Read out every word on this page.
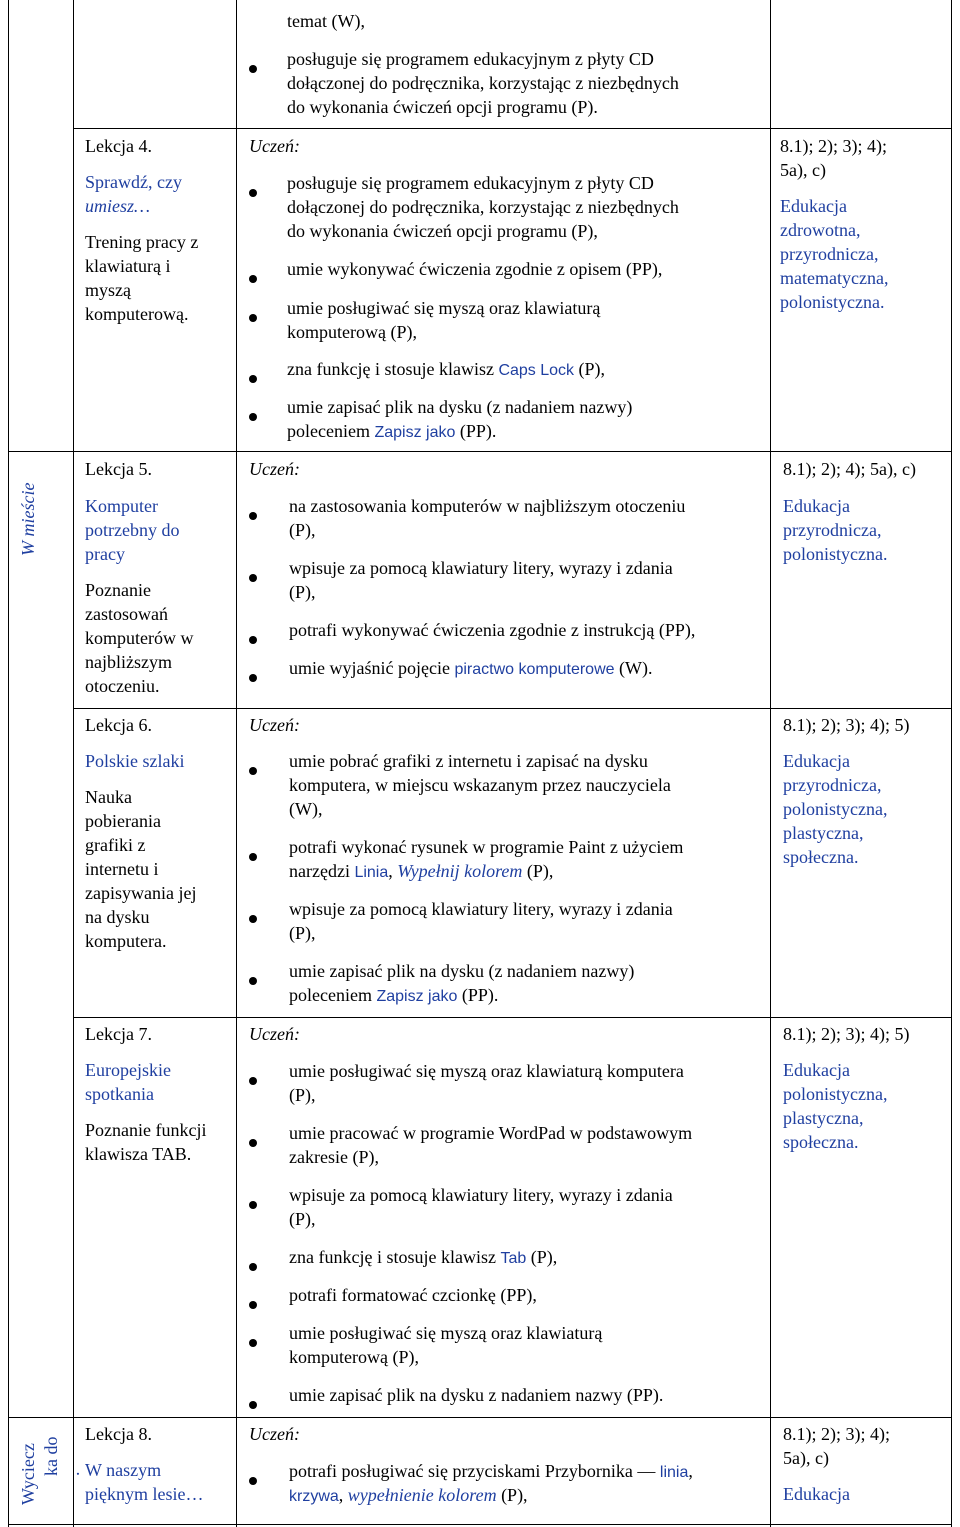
W mieście
Wyciecz ka do .
temat (W),
posługuje się programem edukacyjnym z płyty CD
dołączonej do podręcznika, korzystając z niezbędnych
do wykonania ćwiczeń opcji programu (P).
Lekcja 4.
Sprawdź, czy
umiesz…
Trening pracy z
klawiaturą i
myszą
komputerową.
Uczeń:
posługuje się programem edukacyjnym z płyty CD
dołączonej do podręcznika, korzystając z niezbędnych
do wykonania ćwiczeń opcji programu (P),
umie wykonywać ćwiczenia zgodnie z opisem (PP),
umie posługiwać się myszą oraz klawiaturą
komputerową (P),
zna funkcję i stosuje klawisz Caps Lock (P),
umie zapisać plik na dysku (z nadaniem nazwy)
poleceniem Zapisz jako (PP).
8.1); 2); 3); 4);
5a), c)
Edukacja
zdrowotna,
przyrodnicza,
matematyczna,
polonistyczna.
Lekcja 5.
Komputer
potrzebny do
pracy
Poznanie
zastosowań
komputerów w
najbliższym
otoczeniu.
Uczeń:
na zastosowania komputerów w najbliższym otoczeniu
(P),
wpisuje za pomocą klawiatury litery, wyrazy i zdania
(P),
potrafi wykonywać ćwiczenia zgodnie z instrukcją (PP),
umie wyjaśnić pojęcie piractwo komputerowe (W).
8.1); 2); 4); 5a), c)
Edukacja
przyrodnicza,
polonistyczna.
Lekcja 6.
Polskie szlaki
Nauka
pobierania
grafiki z
internetu i
zapisywania jej
na dysku
komputera.
Uczeń:
umie pobrać grafiki z internetu i zapisać na dysku
komputera, w miejscu wskazanym przez nauczyciela
(W),
potrafi wykonać rysunek w programie Paint z użyciem
narzędzi Linia, Wypełnij kolorem (P),
wpisuje za pomocą klawiatury litery, wyrazy i zdania
(P),
umie zapisać plik na dysku (z nadaniem nazwy)
poleceniem Zapisz jako (PP).
8.1); 2); 3); 4); 5)
Edukacja
przyrodnicza,
polonistyczna,
plastyczna,
społeczna.
Lekcja 7.
Europejskie
spotkania
Poznanie funkcji
klawisza TAB.
Uczeń:
umie posługiwać się myszą oraz klawiaturą komputera
(P),
umie pracować w programie WordPad w podstawowym
zakresie (P),
wpisuje za pomocą klawiatury litery, wyrazy i zdania
(P),
zna funkcję i stosuje klawisz Tab (P),
potrafi formatować czcionkę (PP),
umie posługiwać się myszą oraz klawiaturą
komputerową (P),
umie zapisać plik na dysku z nadaniem nazwy (PP).
8.1); 2); 3); 4); 5)
Edukacja
polonistyczna,
plastyczna,
społeczna.
Lekcja 8.
W naszym
pięknym lesie…
Uczeń:
potrafi posługiwać się przyciskami Przybornika — linia,
krzywa, wypełnienie kolorem (P),
8.1); 2); 3); 4);
5a), c)
Edukacja
